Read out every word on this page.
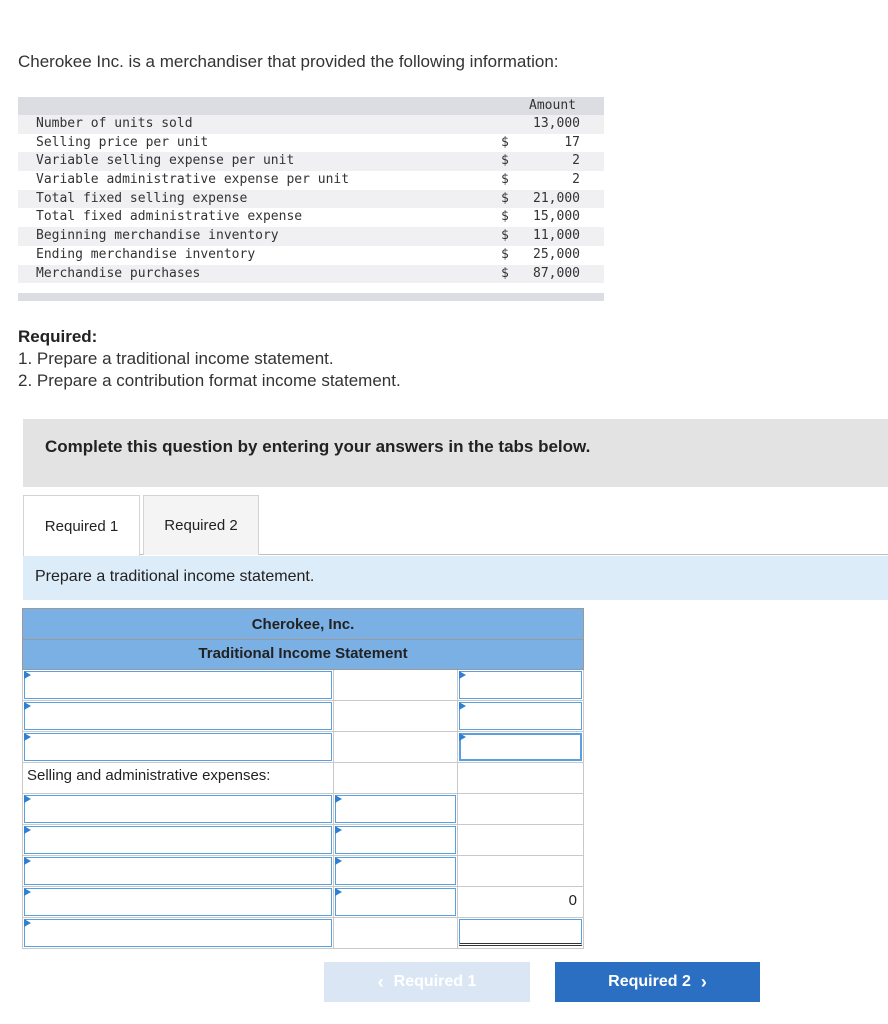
Cherokee Inc. is a merchandiser that provided the following information:

Amount
Number of units sold	13,000
Selling price per unit	$	17
Variable selling expense per unit	$	2
Variable administrative expense per unit	$	2
Total fixed selling expense	$ 21,000
Total fixed administrative expense	$ 15,000
Beginning merchandise inventory	$ 11,000
Ending merchandise inventory	$ 25,000
Merchandise purchases	$ 87,000
Required:
1. Prepare a traditional income statement.
2. Prepare a contribution format income statement.
Complete this question by entering your answers in the tabs below.
Required 1	Required 2
Prepare a traditional income statement.
Cherokee, Inc.
Traditional Income Statement
Selling and administrative expenses:
0
‹ Required 1	Required 2 ›
